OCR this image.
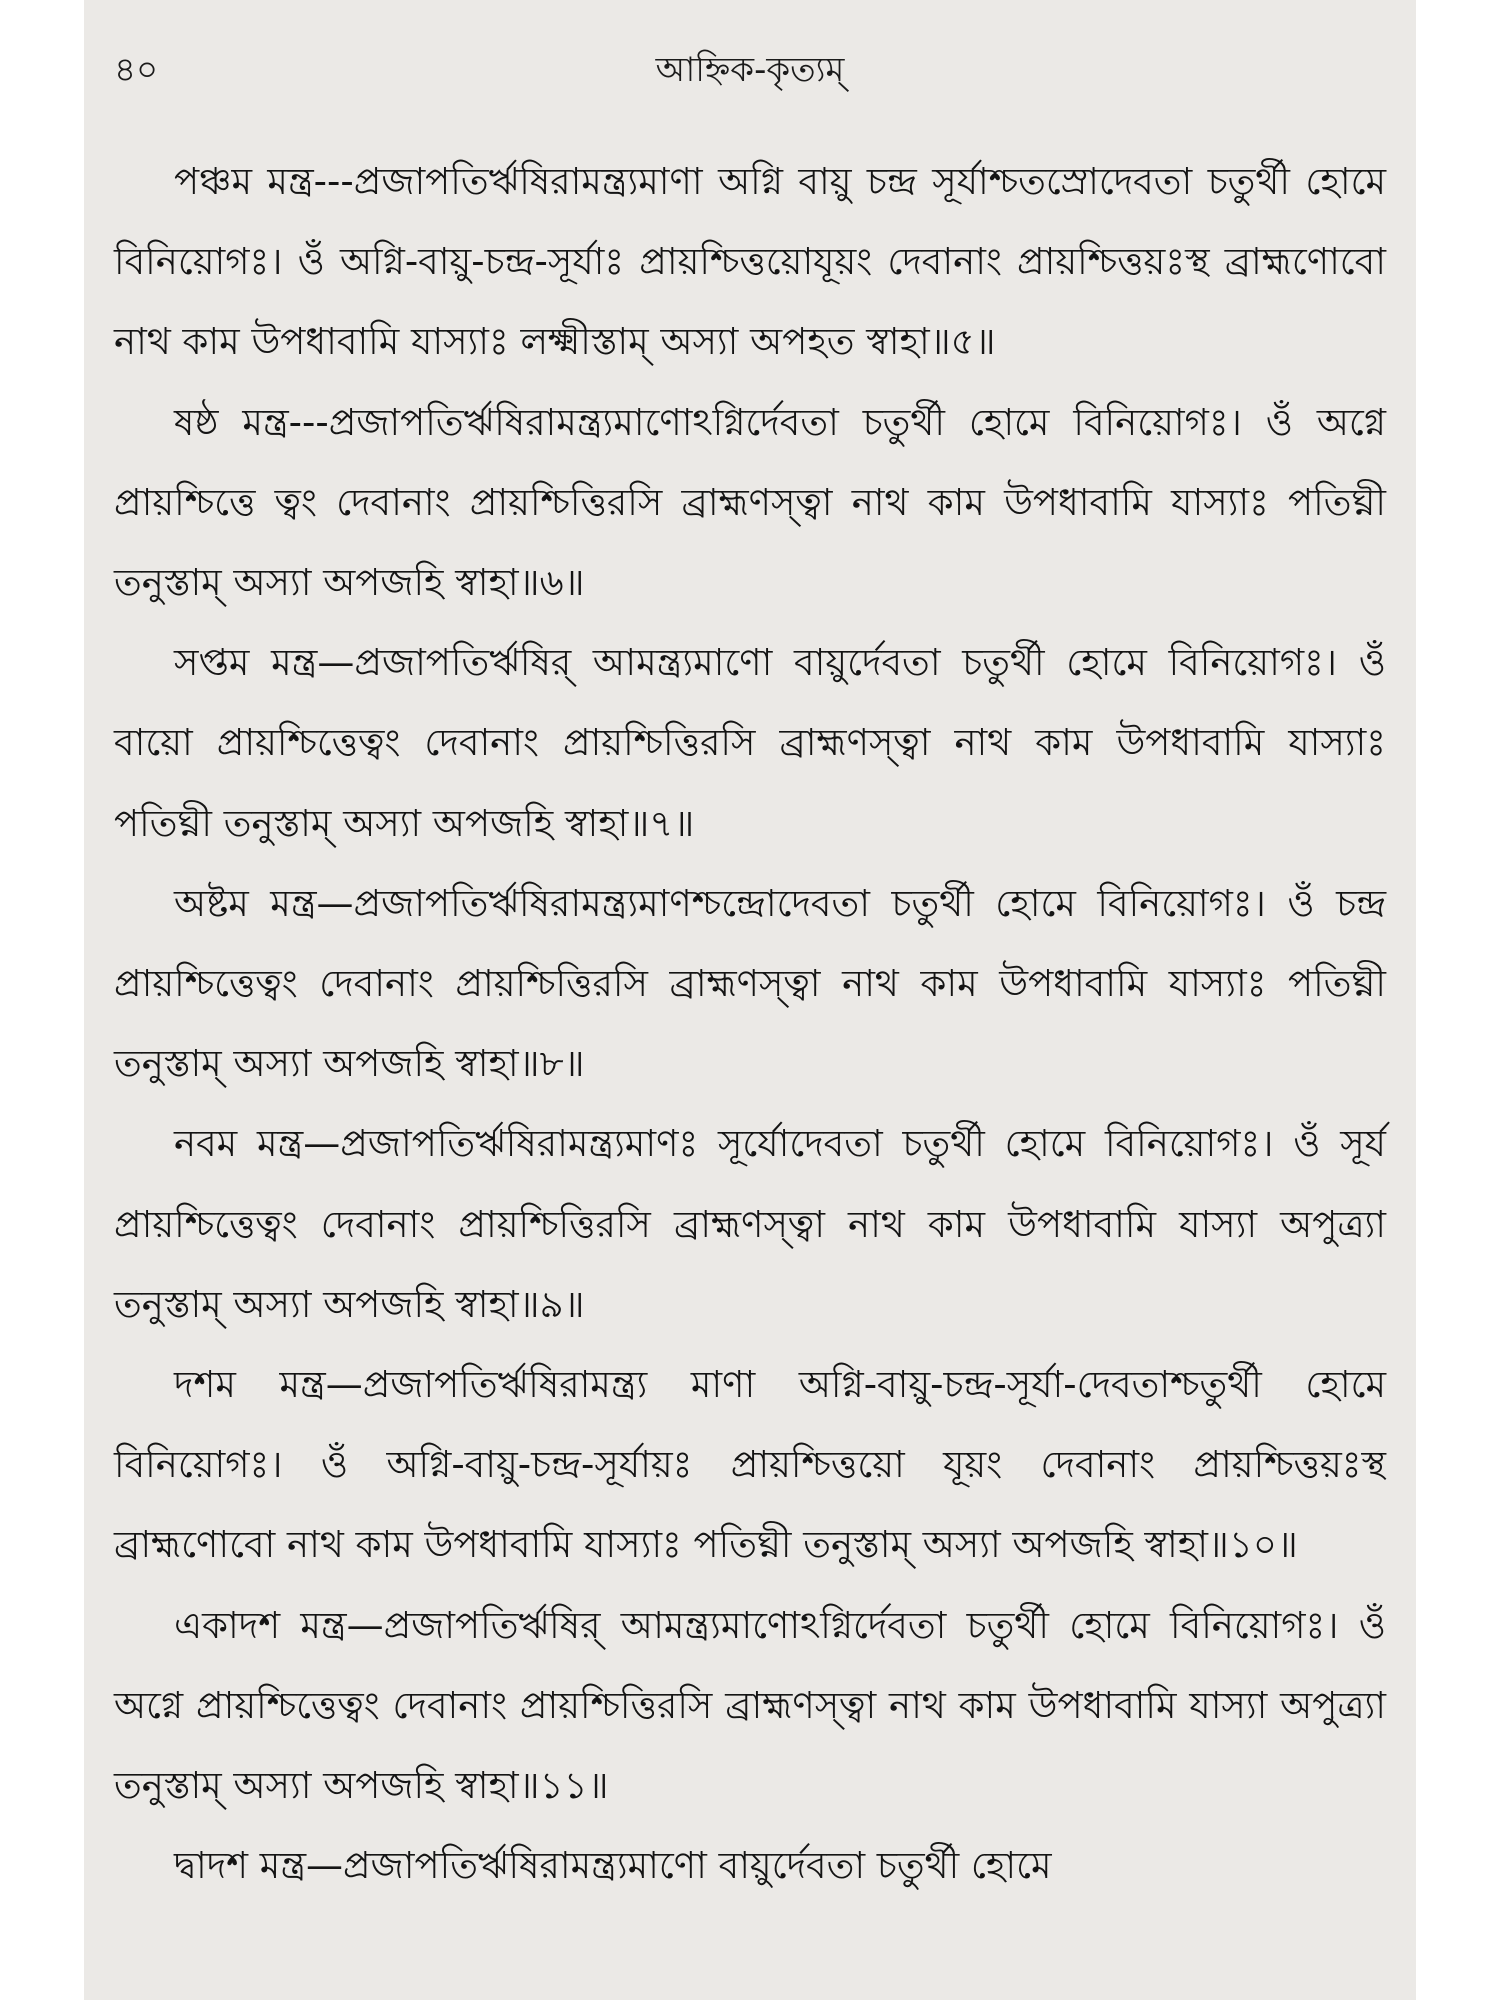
৪০	আহ্নিক-কৃত্যম্

পঞ্চম মন্ত্র---প্রজাপতির্ঋষিরামন্ত্র্যমাণা অগ্নি বায়ু চন্দ্র সূর্যাশ্চতস্রোদেবতা চতুর্থী হোমে বিনিয়োগঃ। ওঁ অগ্নি-বায়ু-চন্দ্র-সূর্যাঃ প্রায়শ্চিত্তয়োযূয়ং দেবানাং প্রায়শ্চিত্তয়ঃস্থ ব্রাহ্মণোবো নাথ কাম উপধাবামি যাস্যাঃ লক্ষ্মীস্তাম্ অস্যা অপহত স্বাহা॥৫॥

ষষ্ঠ মন্ত্র---প্রজাপতির্ঋষিরামন্ত্র্যমাণোঽগ্নির্দেবতা চতুর্থী হোমে বিনিয়োগঃ। ওঁ অগ্নে প্রায়শ্চিত্তে ত্বং দেবানাং প্রায়শ্চিত্তিরসি ব্রাহ্মণস্ত্বা নাথ কাম উপধাবামি যাস্যাঃ পতিঘ্নী তনুস্তাম্ অস্যা অপজহি স্বাহা॥৬॥

সপ্তম মন্ত্র—প্রজাপতির্ঋষির্ আমন্ত্র্যমাণো বায়ুর্দেবতা চতুর্থী হোমে বিনিয়োগঃ। ওঁ বায়ো প্রায়শ্চিত্তেত্বং দেবানাং প্রায়শ্চিত্তিরসি ব্রাহ্মণস্ত্বা নাথ কাম উপধাবামি যাস্যাঃ পতিঘ্নী তনুস্তাম্ অস্যা অপজহি স্বাহা॥৭॥

অষ্টম মন্ত্র—প্রজাপতির্ঋষিরামন্ত্র্যমাণশ্চন্দ্রোদেবতা চতুর্থী হোমে বিনিয়োগঃ। ওঁ চন্দ্র প্রায়শ্চিত্তেত্বং দেবানাং প্রায়শ্চিত্তিরসি ব্রাহ্মণস্ত্বা নাথ কাম উপধাবামি যাস্যাঃ পতিঘ্নী তনুস্তাম্ অস্যা অপজহি স্বাহা॥৮॥

নবম মন্ত্র—প্রজাপতির্ঋষিরামন্ত্র্যমাণঃ সূর্যোদেবতা চতুর্থী হোমে বিনিয়োগঃ। ওঁ সূর্য প্রায়শ্চিত্তেত্বং দেবানাং প্রায়শ্চিত্তিরসি ব্রাহ্মণস্ত্বা নাথ কাম উপধাবামি যাস্যা অপুত্র্যা তনুস্তাম্ অস্যা অপজহি স্বাহা॥৯॥

দশম মন্ত্র—প্রজাপতির্ঋষিরামন্ত্র্য মাণা অগ্নি-বায়ু-চন্দ্র-সূর্যা-দেবতাশ্চতুর্থী হোমে বিনিয়োগঃ। ওঁ অগ্নি-বায়ু-চন্দ্র-সূর্যায়ঃ প্রায়শ্চিত্তয়ো যূয়ং দেবানাং প্রায়শ্চিত্তয়ঃস্থ ব্রাহ্মণোবো নাথ কাম উপধাবামি যাস্যাঃ পতিঘ্নী তনুস্তাম্ অস্যা অপজহি স্বাহা॥১০॥

একাদশ মন্ত্র—প্রজাপতির্ঋষির্ আমন্ত্র্যমাণোঽগ্নির্দেবতা চতুর্থী হোমে বিনিয়োগঃ। ওঁ অগ্নে প্রায়শ্চিত্তেত্বং দেবানাং প্রায়শ্চিত্তিরসি ব্রাহ্মণস্ত্বা নাথ কাম উপধাবামি যাস্যা অপুত্র্যা তনুস্তাম্ অস্যা অপজহি স্বাহা॥১১॥

দ্বাদশ মন্ত্র—প্রজাপতির্ঋষিরামন্ত্র্যমাণো বায়ুর্দেবতা চতুর্থী হোমে
